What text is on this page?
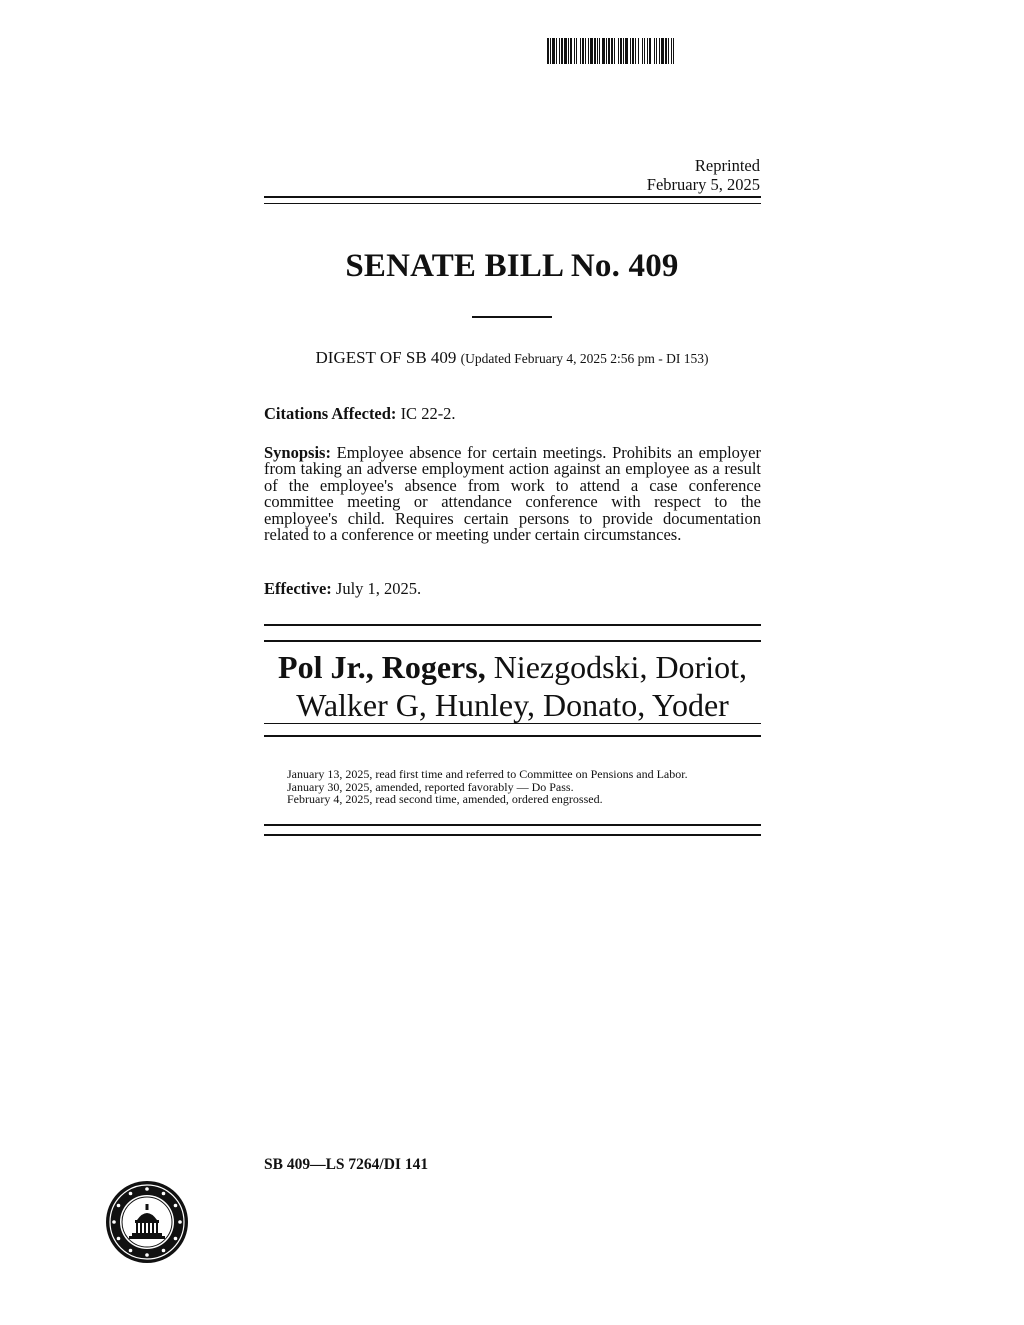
Reprinted
February 5, 2025
SENATE BILL No. 409
DIGEST OF SB 409 (Updated February 4, 2025 2:56 pm - DI 153)
Citations Affected: IC 22-2.
Synopsis: Employee absence for certain meetings. Prohibits an employer from taking an adverse employment action against an employee as a result of the employee's absence from work to attend a case conference committee meeting or attendance conference with respect to the employee's child. Requires certain persons to provide documentation related to a conference or meeting under certain circumstances.
Effective: July 1, 2025.
Pol Jr., Rogers, Niezgodski, Doriot,
Walker G, Hunley, Donato, Yoder
January 13, 2025, read first time and referred to Committee on Pensions and Labor.
January 30, 2025, amended, reported favorably — Do Pass.
February 4, 2025, read second time, amended, ordered engrossed.
SB 409—LS 7264/DI 141
